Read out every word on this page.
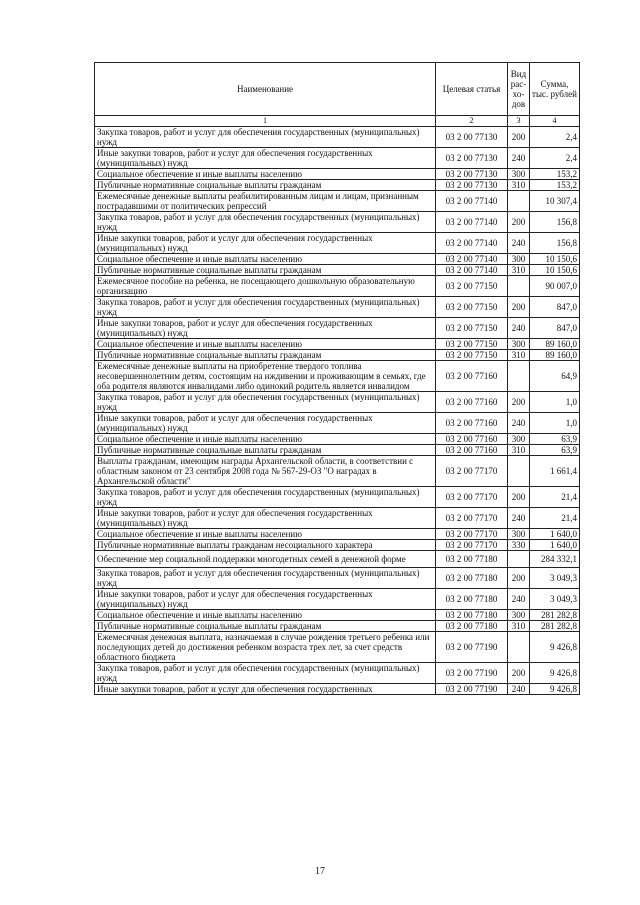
Наименование	Целевая статья	Вид рас- хо- дов	Сумма, тыс. рублей
1	2	3	4
Закупка товаров, работ и услуг для обеспечения государственных (муниципальных) нужд	03 2 00 77130	200	2,4
Иные закупки товаров, работ и услуг для обеспечения государственных (муниципальных) нужд	03 2 00 77130	240	2,4
Социальное обеспечение и иные выплаты населению	03 2 00 77130	300	153,2
Публичные нормативные социальные выплаты гражданам	03 2 00 77130	310	153,2
Ежемесячные денежные выплаты реабилитированным лицам и лицам, признанным пострадавшими от политических репрессий	03 2 00 77140		10 307,4
Закупка товаров, работ и услуг для обеспечения государственных (муниципальных) нужд	03 2 00 77140	200	156,8
Иные закупки товаров, работ и услуг для обеспечения государственных (муниципальных) нужд	03 2 00 77140	240	156,8
Социальное обеспечение и иные выплаты населению	03 2 00 77140	300	10 150,6
Публичные нормативные социальные выплаты гражданам	03 2 00 77140	310	10 150,6
Ежемесячное пособие на ребенка, не посещающего дошкольную образовательную организацию	03 2 00 77150		90 007,0
Закупка товаров, работ и услуг для обеспечения государственных (муниципальных) нужд	03 2 00 77150	200	847,0
Иные закупки товаров, работ и услуг для обеспечения государственных (муниципальных) нужд	03 2 00 77150	240	847,0
Социальное обеспечение и иные выплаты населению	03 2 00 77150	300	89 160,0
Публичные нормативные социальные выплаты гражданам	03 2 00 77150	310	89 160,0
Ежемесячные денежные выплаты на приобретение твердого топлива несовершеннолетним детям, состоящим на иждивении и проживающим в семьях, где оба родителя являются инвалидами либо одинокий родитель является инвалидом	03 2 00 77160		64,9
Закупка товаров, работ и услуг для обеспечения государственных (муниципальных) нужд	03 2 00 77160	200	1,0
Иные закупки товаров, работ и услуг для обеспечения государственных (муниципальных) нужд	03 2 00 77160	240	1,0
Социальное обеспечение и иные выплаты населению	03 2 00 77160	300	63,9
Публичные нормативные социальные выплаты гражданам	03 2 00 77160	310	63,9
Выплаты гражданам, имеющим награды Архангельской области, в соответствии с областным законом от 23 сентября 2008 года № 567-29-ОЗ "О наградах в Архангельской области"	03 2 00 77170		1 661,4
Закупка товаров, работ и услуг для обеспечения государственных (муниципальных) нужд	03 2 00 77170	200	21,4
Иные закупки товаров, работ и услуг для обеспечения государственных (муниципальных) нужд	03 2 00 77170	240	21,4
Социальное обеспечение и иные выплаты населению	03 2 00 77170	300	1 640,0
Публичные нормативные выплаты гражданам несоциального характера	03 2 00 77170	330	1 640,0
Обеспечение мер социальной поддержки многодетных семей в денежной форме	03 2 00 77180		284 332,1
Закупка товаров, работ и услуг для обеспечения государственных (муниципальных) нужд	03 2 00 77180	200	3 049,3
Иные закупки товаров, работ и услуг для обеспечения государственных (муниципальных) нужд	03 2 00 77180	240	3 049,3
Социальное обеспечение и иные выплаты населению	03 2 00 77180	300	281 282,8
Публичные нормативные социальные выплаты гражданам	03 2 00 77180	310	281 282,8
Ежемесячная денежная выплата, назначаемая в случае рождения третьего ребенка или последующих детей до достижения ребенком возраста трех лет, за счет средств областного бюджета	03 2 00 77190		9 426,8
Закупка товаров, работ и услуг для обеспечения государственных (муниципальных) нужд	03 2 00 77190	200	9 426,8
Иные закупки товаров, работ и услуг для обеспечения государственных	03 2 00 77190	240	9 426,8
17
